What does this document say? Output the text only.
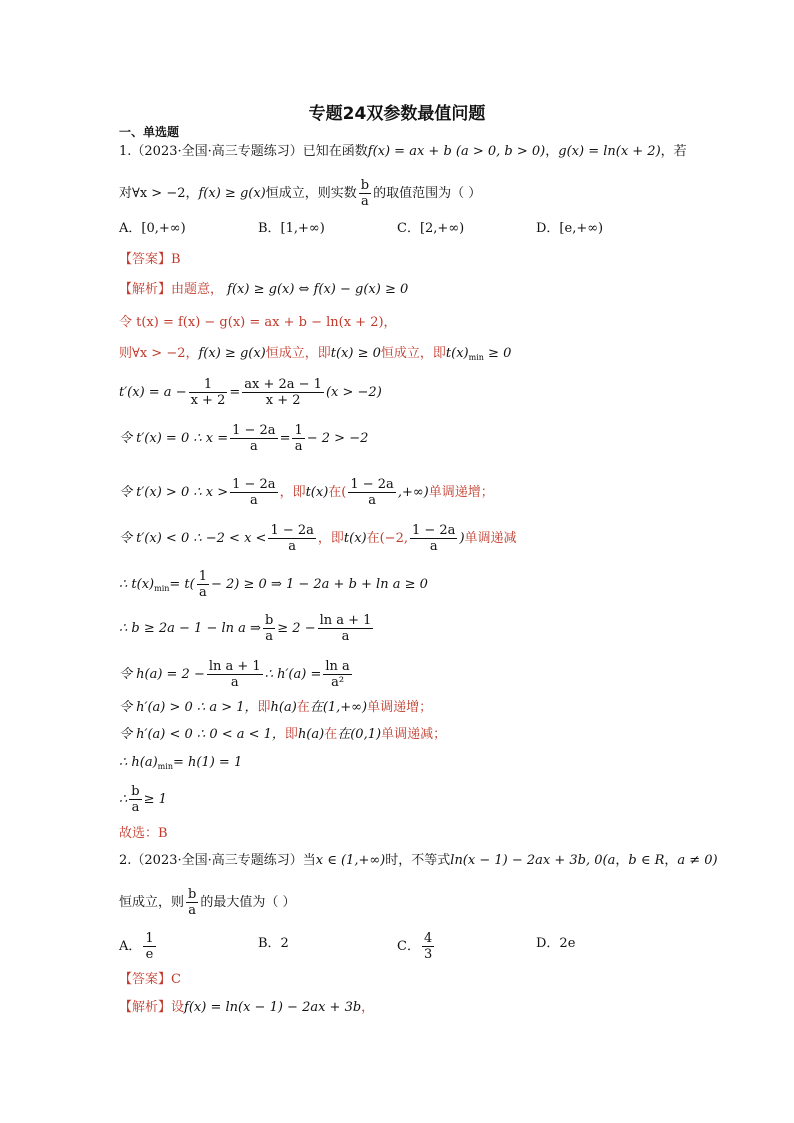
专题24双参数最值问题
一、单选题
1.（2023·全国·高三专题练习）已知在函数f(x) = ax + b (a > 0, b > 0)，g(x) = ln(x + 2)，若
对∀x > −2，f(x) ≥ g(x)恒成立，则实数 $\frac{b}{a}$ 的取值范围为（ ）
A．[0,+∞)	B．[1,+∞)	C．[2,+∞)	D．[e,+∞)
【答案】B
【解析】由题意， f(x) ≥ g(x) ⇔ f(x) − g(x) ≥ 0
令 t(x) = f(x) − g(x) = ax + b − ln(x + 2)，
则∀x > −2，f(x) ≥ g(x)恒成立，即t(x) ≥ 0恒成立，即$t(x)_{min} \ge 0$
$t'(x) = a - \frac{1}{x + 2} = \frac{ax + 2a - 1}{x + 2} (x > -2)$
令 t′(x) = 0 ∴ $x = \frac{1 - 2a}{a} = \frac{1}{a} - 2 > -2$
令 t′(x) > 0 ∴ $x > \frac{1 - 2a}{a}$ ，即t(x)在( $\frac{1 - 2a}{a}$ ,+∞)单调递增；
令 t′(x) < 0 ∴ $-2 < x < \frac{1 - 2a}{a}$ ，即t(x)在(−2, $\frac{1 - 2a}{a}$ )单调递减
∴ $t(x)_{min}= t( \frac{1}{a} - 2) \ge 0$ ⇒ 1 − 2a + b + ln a ≥ 0
∴ b ≥ 2a − 1 − ln a ⇒ $\frac{b}{a} \ge 2 - \frac{\text{ln a + 1}}{a}$
令 $h(a) = 2 - \frac{\text{ln a + 1}}{a}$ ∴ $h'(a) = \frac{\text{ln a}}{\text{a²}}$
令 h′(a) > 0 ∴ a > 1，即h(a)在在(1,+∞)单调递增；
令 h′(a) < 0 ∴ 0 < a < 1，即h(a)在在(0,1)单调递减；
∴ $h(a)_{min}= h(1) = 1$
∴ $\frac{b}{a} \ge 1$
故选：B
2.（2023·全国·高三专题练习）当x ∈ (1,+∞)时，不等式ln(x − 1) − 2ax + 3b, 0(a，b ∈ R，a ≠ 0)
恒成立，则 $\frac{b}{a}$ 的最大值为（ ）
A． $\frac{1}{e}$	B．2	C． $\frac{4}{3}$	D．2e
【答案】C
【解析】设f(x) = ln(x − 1) − 2ax + 3b，
